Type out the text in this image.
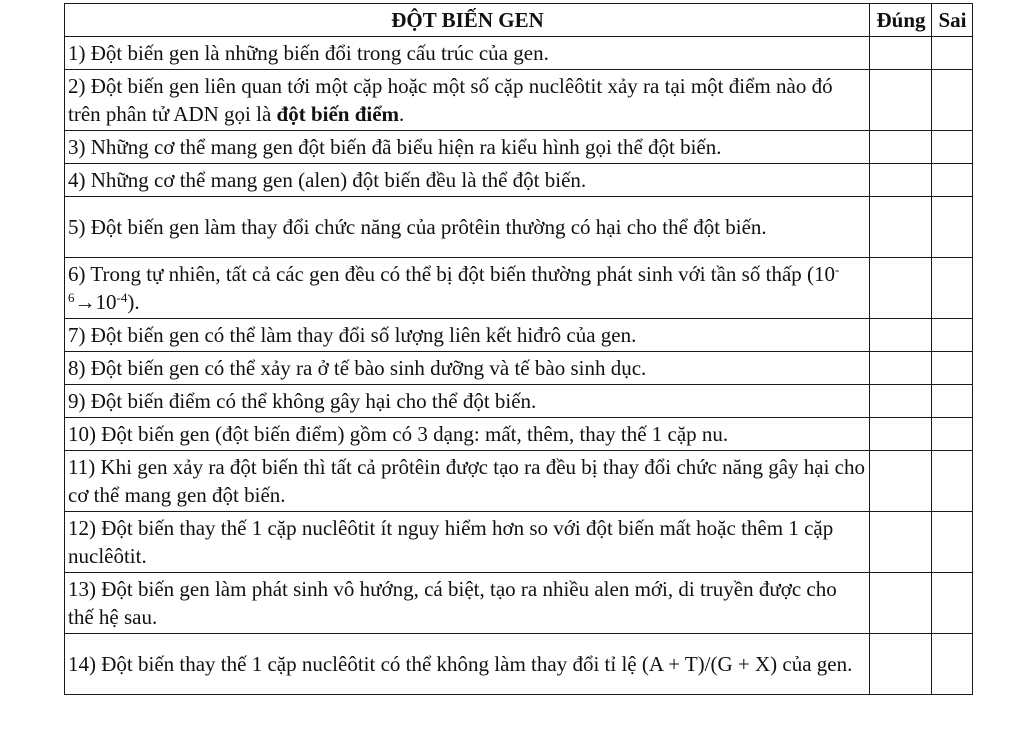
ĐỘT BIẾN GEN	Đúng	Sai
1) Đột biến gen là những biến đổi trong cấu trúc của gen.		
2) Đột biến gen liên quan tới một cặp hoặc một số cặp nuclêôtit xảy ra tại một điểm nào đó trên phân tử ADN gọi là đột biến điểm.		
3) Những cơ thể mang gen đột biến đã biểu hiện ra kiểu hình gọi thể đột biến.		
4) Những cơ thể mang gen (alen) đột biến đều là thể đột biến.		
5) Đột biến gen làm thay đổi chức năng của prôtêin thường có hại cho thể đột biến.		
6) Trong tự nhiên, tất cả các gen đều có thể bị đột biến thường phát sinh với tần số thấp $(10^{-6}\to 10^{-4})$.		
7) Đột biến gen có thể làm thay đổi số lượng liên kết hiđrô của gen.		
8) Đột biến gen có thể xảy ra ở tế bào sinh dưỡng và tế bào sinh dục.		
9) Đột biến điểm có thể không gây hại cho thể đột biến.		
10) Đột biến gen (đột biến điểm) gồm có 3 dạng: mất, thêm, thay thế 1 cặp nu.		
11) Khi gen xảy ra đột biến thì tất cả prôtêin được tạo ra đều bị thay đổi chức năng gây hại cho cơ thể mang gen đột biến.		
12) Đột biến thay thế 1 cặp nuclêôtit ít nguy hiểm hơn so với đột biến mất hoặc thêm 1 cặp nuclêôtit.		
13) Đột biến gen làm phát sinh vô hướng, cá biệt, tạo ra nhiều alen mới, di truyền được cho thế hệ sau.		
14) Đột biến thay thế 1 cặp nuclêôtit có thể không làm thay đổi tỉ lệ (A + T)/(G + X) của gen.		
